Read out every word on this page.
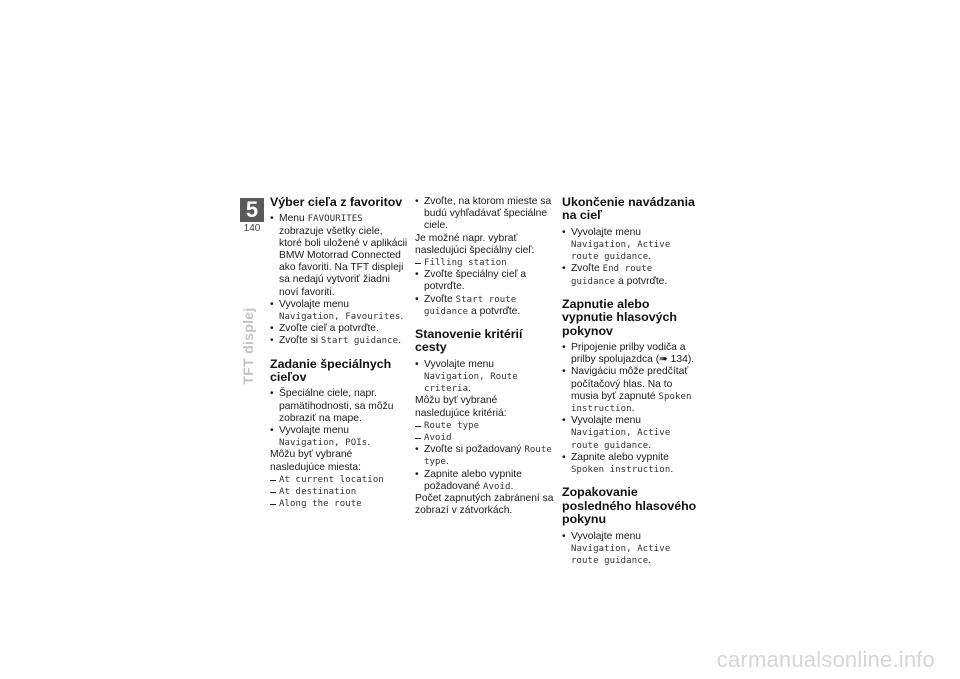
5
140
TFT displej
Výber cieľa z favoritov
• Menu FAVOURITES zobrazuje všetky ciele, ktoré boli uložené v aplikácii BMW Motorrad Connected ako favoriti. Na TFT displeji sa nedajú vytvoriť žiadni noví favoriti.
• Vyvolajte menu Navigation, Favourites.
• Zvoľte cieľ a potvrďte.
• Zvoľte si Start guidance.
Zadanie špeciálnych cieľov
• Špeciálne ciele, napr. pamätihodnosti, sa môžu zobraziť na mape.
• Vyvolajte menu Navigation, POIs.

Môžu byť vybrané nasledujúce miesta:

At current location
At destination
Along the route
• Zvoľte, na ktorom mieste sa budú vyhľadávať špeciálne ciele.

Je možné napr. vybrať nasledujúci špeciálny cieľ:

Filling station
• Zvoľte špeciálny cieľ a potvrďte.
• Zvoľte Start route guidance a potvrďte.
Stanovenie kritérií cesty
• Vyvolajte menu Navigation, Route criteria.

Môžu byť vybrané nasledujúce kritériá:

Route type
Avoid
• Zvoľte si požadovaný Route type.
• Zapnite alebo vypnite požadované Avoid.

Počet zapnutých zabránení sa zobrazí v zátvorkách.

Ukončenie navádzania na cieľ
• Vyvolajte menu Navigation, Active route guidance.
• Zvoľte End route guidance a potvrďte.
Zapnutie alebo vypnutie hlasových pokynov
• Pripojenie prilby vodiča a prilby spolujazdca (➠ 134).
• Navigáciu môže predčítať počítačový hlas. Na to musia byť zapnuté Spoken instruction.
• Vyvolajte menu Navigation, Active route guidance.
• Zapnite alebo vypnite Spoken instruction.
Zopakovanie posledného hlasového pokynu
• Vyvolajte menu Navigation, Active route guidance.
carmanualsonline.info
